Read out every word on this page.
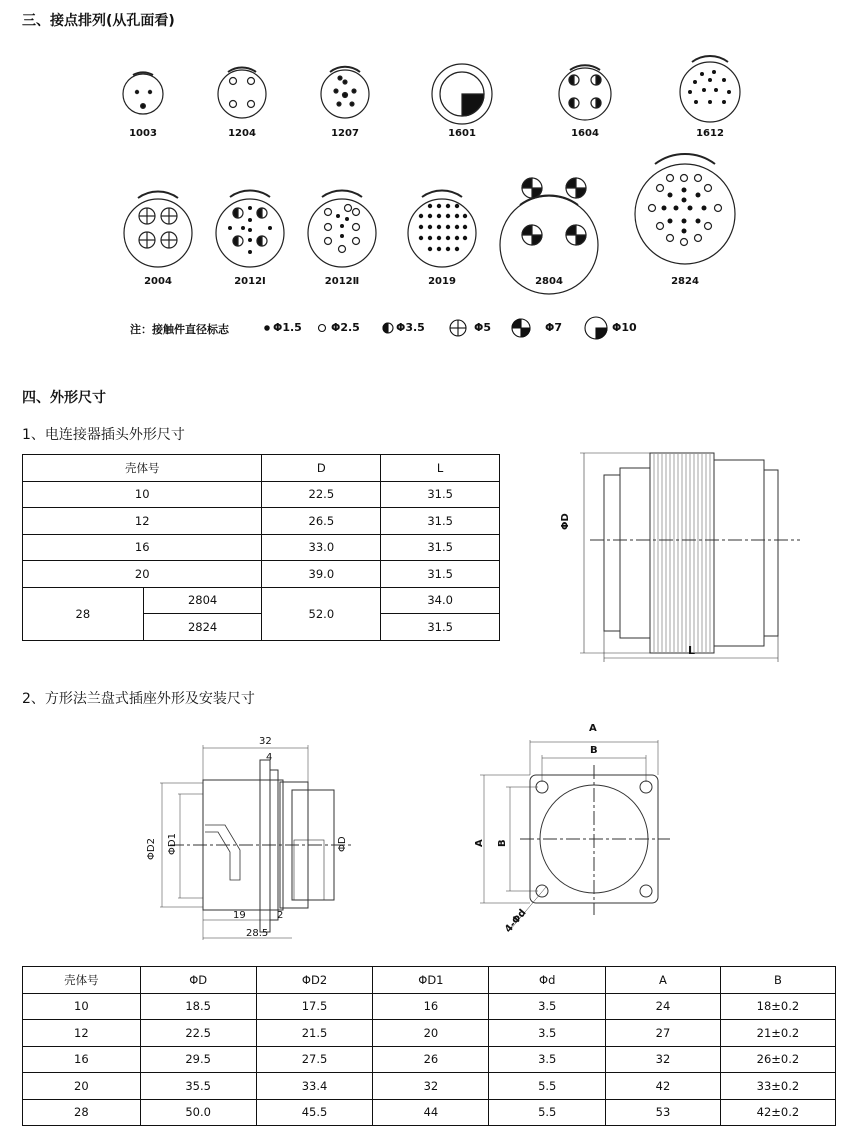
三、接点排列(从孔面看)
1003	1204	1207	1601	1604	1612
2004	2012Ⅰ	2012Ⅱ	2019	2804	2824
注：接触件直径标志	Φ1.5	Φ2.5	Φ3.5	Φ5	Φ7	Φ10
四、外形尺寸
1、电连接器插头外形尺寸
壳体号		D	L
10		22.5	31.5
12		26.5	31.5
16		33.0	31.5
20		39.0	31.5
28	2804	52.0	34.0
	2824		31.5
ΦD
L
2、方形法兰盘式插座外形及安装尺寸
32
4
19	2
28.5
ΦD2 ΦD1	ΦD
A
B
A B
4-Φd
壳体号	ΦD	ΦD2	ΦD1	Φd	A	B
10	18.5	17.5	16	3.5	24	18±0.2
12	22.5	21.5	20	3.5	27	21±0.2
16	29.5	27.5	26	3.5	32	26±0.2
20	35.5	33.4	32	5.5	42	33±0.2
28	50.0	45.5	44	5.5	53	42±0.2
